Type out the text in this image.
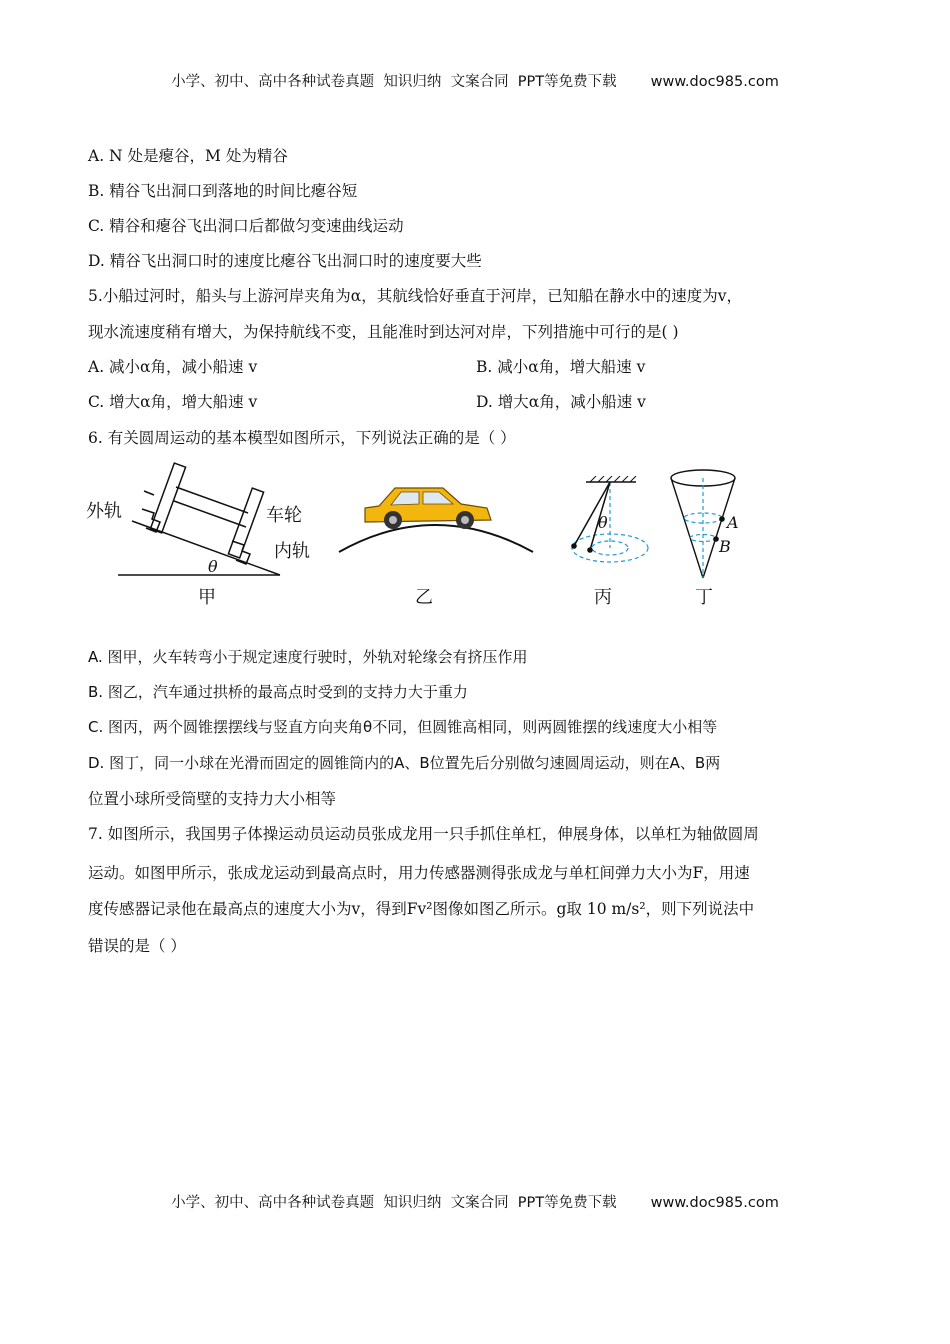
小学、初中、高中各种试卷真题  知识归纳  文案合同  PPT等免费下载 www.doc985.com
A. N 处是瘪谷，M 处为精谷
B. 精谷飞出洞口到落地的时间比瘪谷短
C. 精谷和瘪谷飞出洞口后都做匀变速曲线运动
D. 精谷飞出洞口时的速度比瘪谷飞出洞口时的速度要大些
5.小船过河时，船头与上游河岸夹角为α，其航线恰好垂直于河岸，已知船在静水中的速度为v，
现水流速度稍有增大，为保持航线不变，且能准时到达河对岸，下列措施中可行的是( )
A. 减小α角，减小船速 v	B. 减小α角，增大船速 v
C. 增大α角，增大船速 v	D. 增大α角，减小船速 v
6. 有关圆周运动的基本模型如图所示，下列说法正确的是（ ）
外轨	车轮
内轨
θ
甲	乙
θ
丙
A
B
丁
A. 图甲，火车转弯小于规定速度行驶时，外轨对轮缘会有挤压作用
B. 图乙，汽车通过拱桥的最高点时受到的支持力大于重力
C. 图丙，两个圆锥摆摆线与竖直方向夹角θ不同，但圆锥高相同，则两圆锥摆的线速度大小相等
D. 图丁，同一小球在光滑而固定的圆锥筒内的A、B位置先后分别做匀速圆周运动，则在A、B两
位置小球所受筒壁的支持力大小相等
7. 如图所示，我国男子体操运动员运动员张成龙用一只手抓住单杠，伸展身体，以单杠为轴做圆周
运动。如图甲所示，张成龙运动到最高点时，用力传感器测得张成龙与单杠间弹力大小为F，用速
度传感器记录他在最高点的速度大小为v，得到Fv²图像如图乙所示。g取 10 m/s²，则下列说法中
错误的是（ ）
小学、初中、高中各种试卷真题  知识归纳  文案合同  PPT等免费下载 www.doc985.com
